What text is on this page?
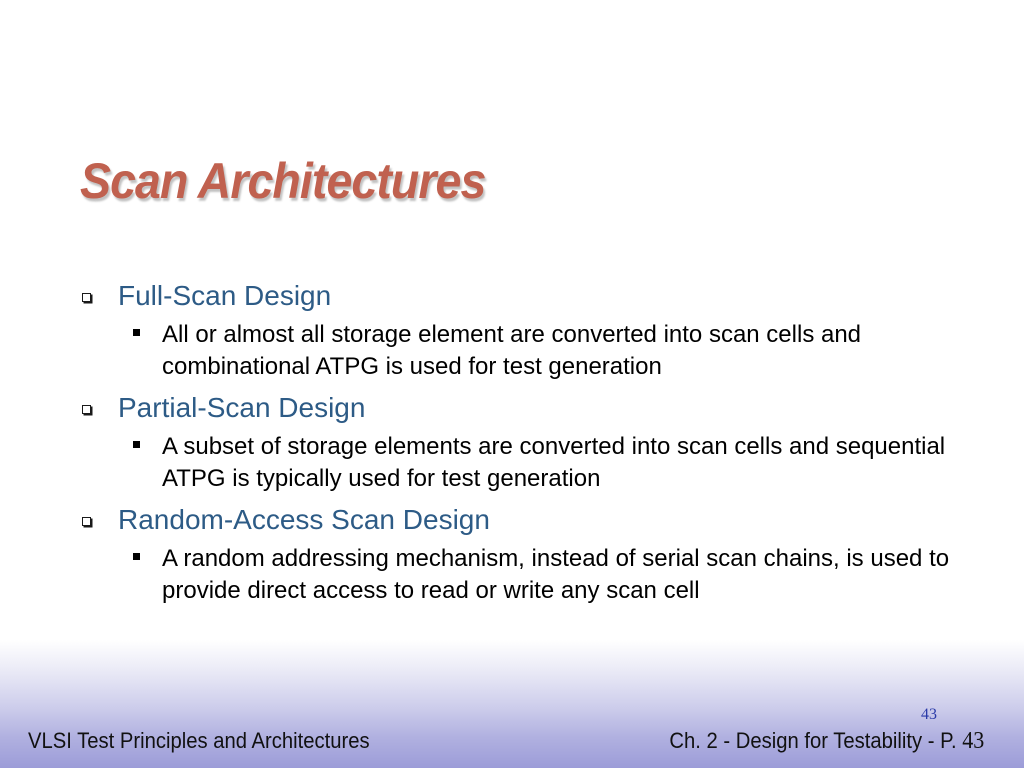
Scan Architectures
Full-Scan Design
All or almost all storage element are converted into scan cells and combinational ATPG is used for test generation
Partial-Scan Design
A subset of storage elements are converted into scan cells and sequential ATPG is typically used for test generation
Random-Access Scan Design
A random addressing mechanism, instead of serial scan chains, is used to provide direct access to read or write any scan cell
43
VLSI Test Principles and Architectures	Ch. 2 - Design for Testability - P. 43
